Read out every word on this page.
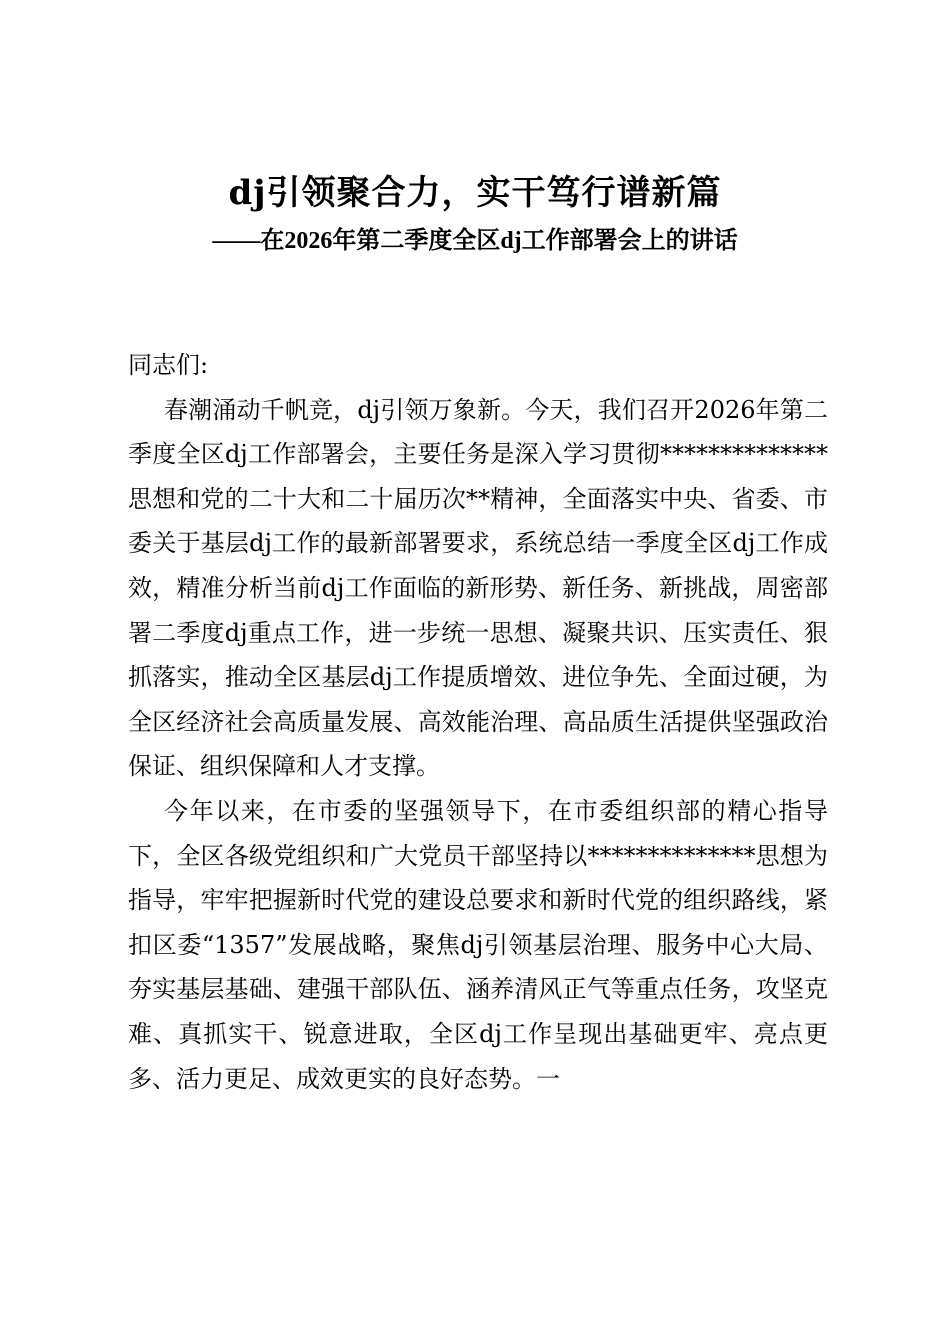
dj引领聚合力，实干笃行谱新篇
——在2026年第二季度全区dj工作部署会上的讲话

同志们:

春潮涌动千帆竞，dj引领万象新。今天，我们召开2026年第二季度全区dj工作部署会，主要任务是深入学习贯彻**************思想和党的二十大和二十届历次**精神，全面落实中央、省委、市委关于基层dj工作的最新部署要求，系统总结一季度全区dj工作成效，精准分析当前dj工作面临的新形势、新任务、新挑战，周密部署二季度dj重点工作，进一步统一思想、凝聚共识、压实责任、狠抓落实，推动全区基层dj工作提质增效、进位争先、全面过硬，为全区经济社会高质量发展、高效能治理、高品质生活提供坚强政治保证、组织保障和人才支撑。

今年以来，在市委的坚强领导下，在市委组织部的精心指导下，全区各级党组织和广大党员干部坚持以**************思想为指导，牢牢把握新时代党的建设总要求和新时代党的组织路线，紧扣区委“1357”发展战略，聚焦dj引领基层治理、服务中心大局、夯实基层基础、建强干部队伍、涵养清风正气等重点任务，攻坚克难、真抓实干、锐意进取，全区dj工作呈现出基础更牢、亮点更多、活力更足、成效更实的良好态势。一
